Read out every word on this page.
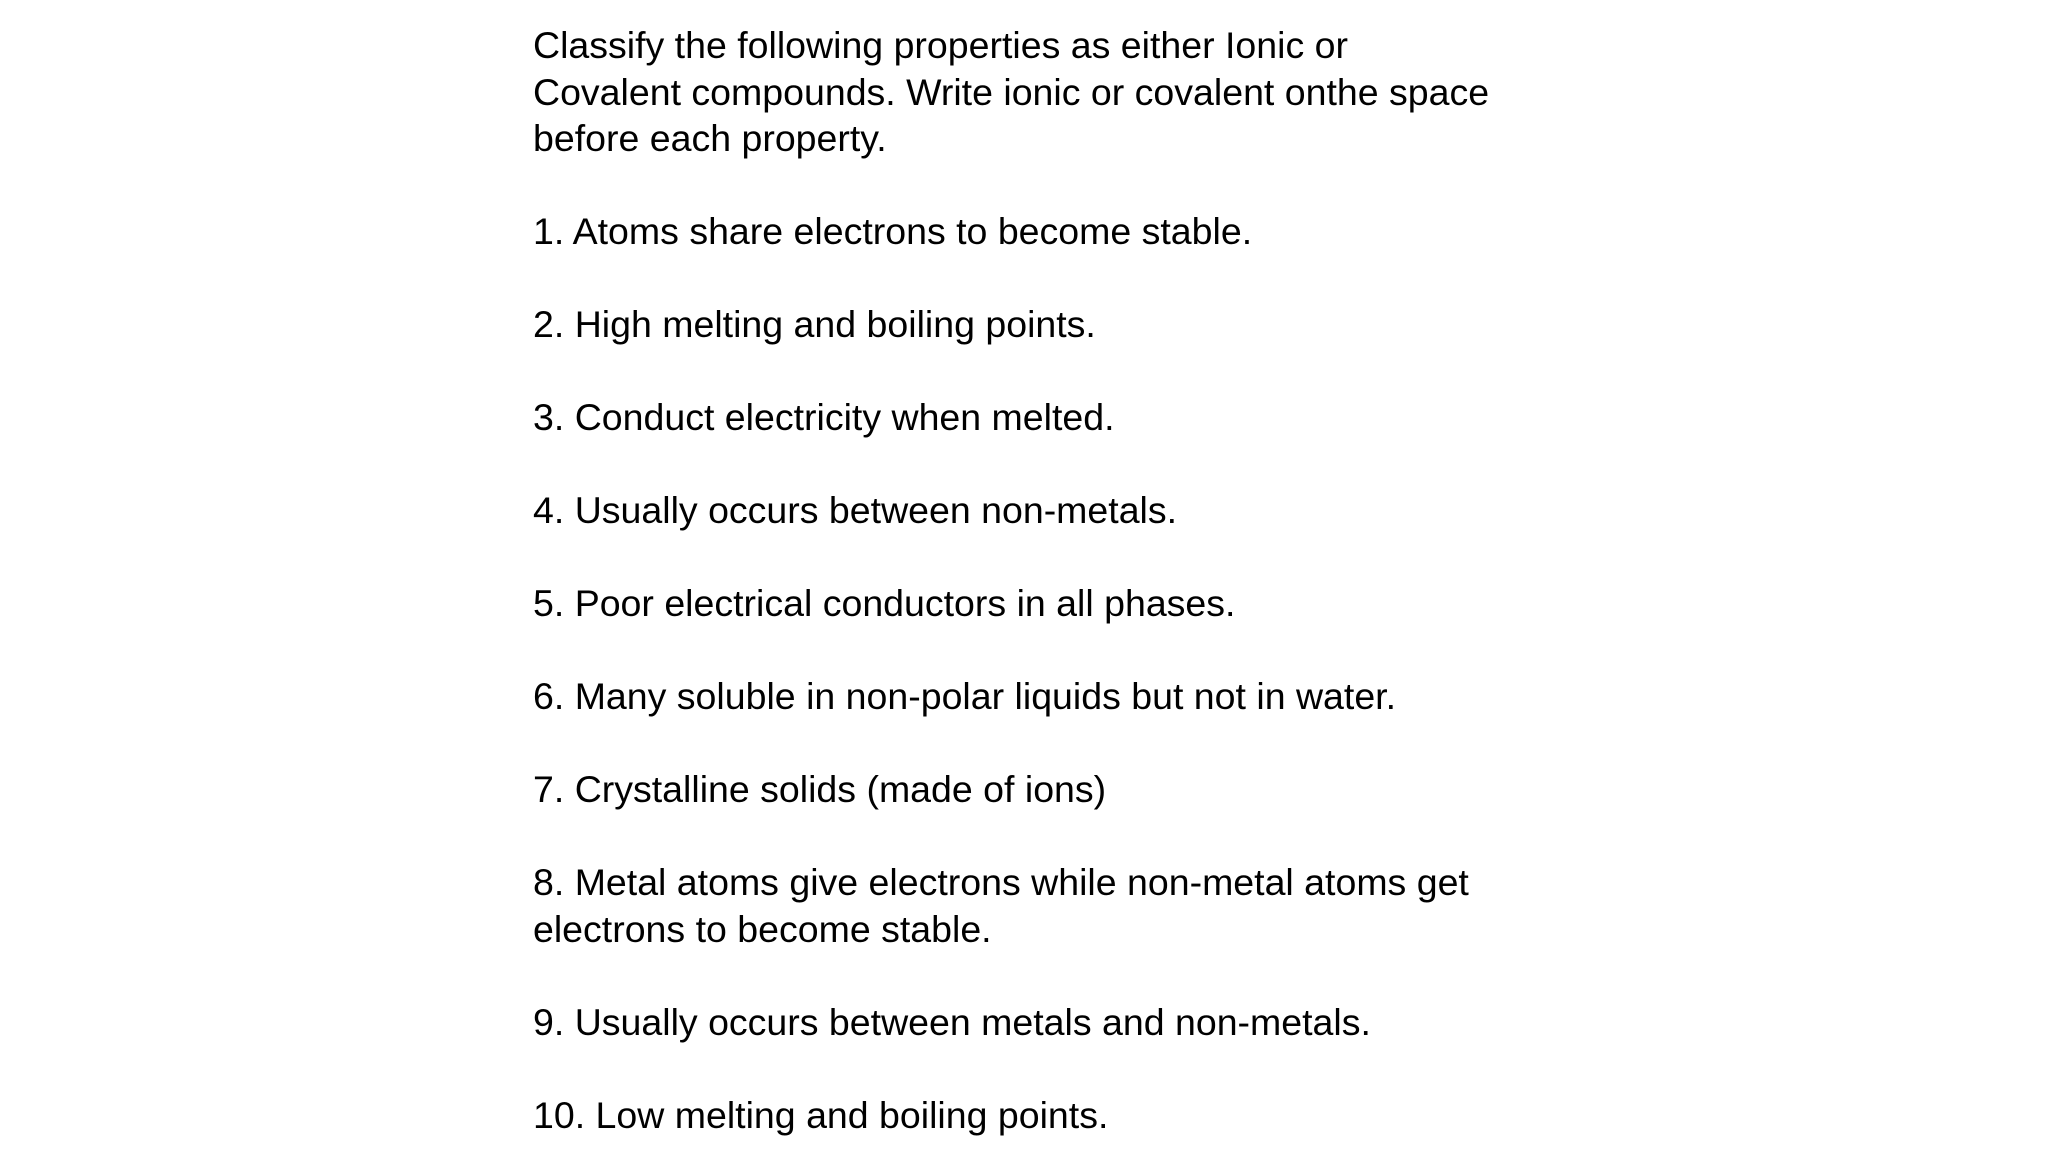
Classify the following properties as either Ionic or
Covalent compounds. Write ionic or covalent onthe space
before each property.

1. Atoms share electrons to become stable.
2. High melting and boiling points.
3. Conduct electricity when melted.
4. Usually occurs between non-metals.
5. Poor electrical conductors in all phases.
6. Many soluble in non-polar liquids but not in water.
7. Crystalline solids (made of ions)
8. Metal atoms give electrons while non-metal atoms get
electrons to become stable.
9. Usually occurs between metals and non-metals.
10. Low melting and boiling points.
